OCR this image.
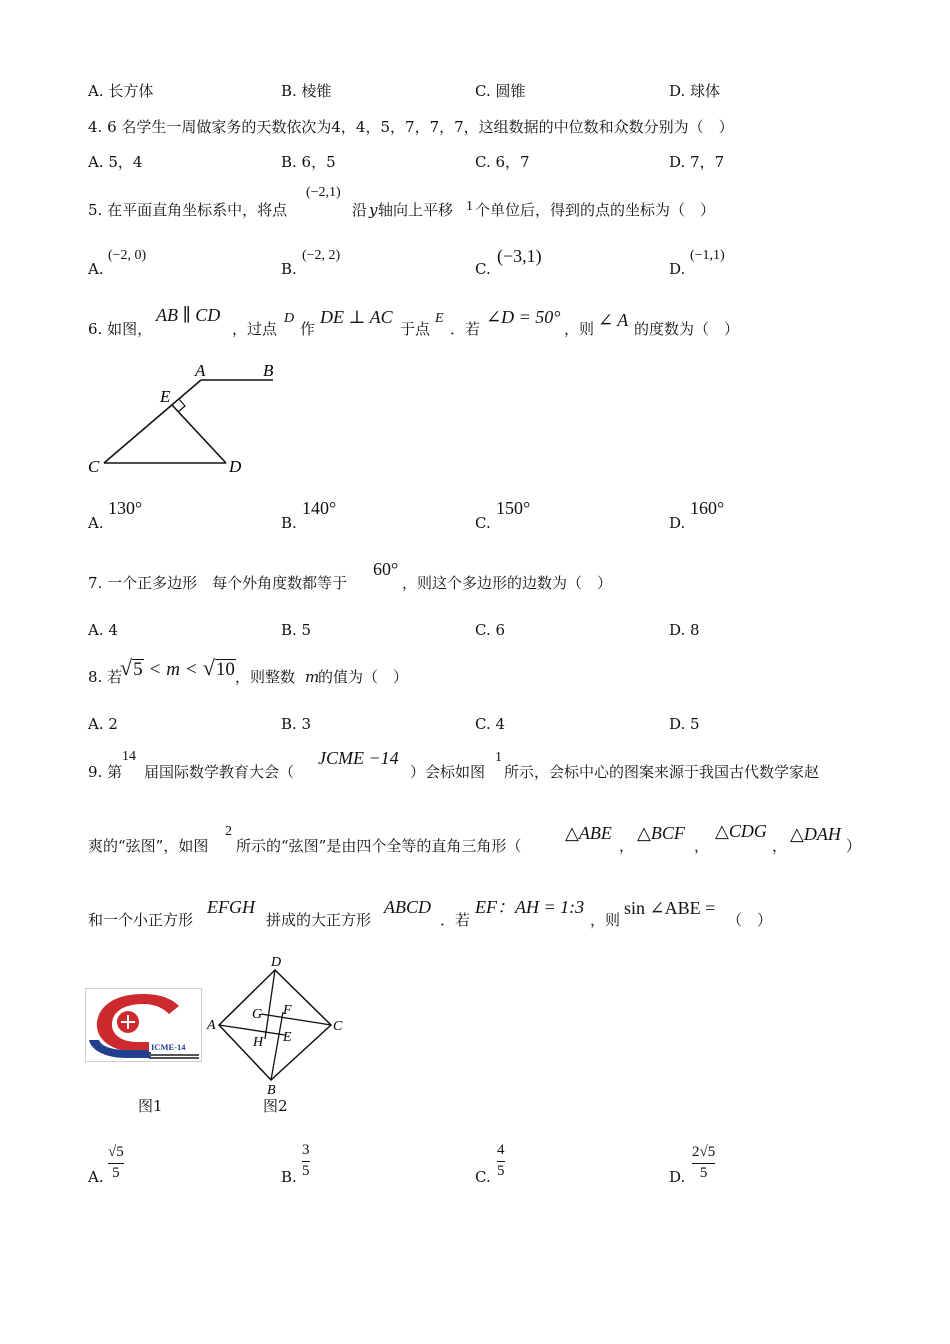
A. 长方体	B. 棱锥	C. 圆锥	D. 球体
4. 6 名学生一周做家务的天数依次为4，4，5，7，7，7，这组数据的中位数和众数分别为（　）
A. 5，4	B. 6，5	C. 6，7	D. 7，7
5. 在平面直角坐标系中，将点
(−2,1)
沿 y 轴向上平移 1 个单位后，得到的点的坐标为（　）
A.
(−2, 0)
B.
(−2, 2)
C.
(−3,1)
D.
(−1,1)
6. 如图，
AB ∥ CD
，过点
D
作
DE ⊥ AC
于点
E
．若
∠D = 50°
，则 ∠ A 的度数为（　）
A	B
C	D
E
A.
130°
B.
140°
C.
150°
D.
160°
7. 一个正多边形　每个外角度数都等于
60°
，则这个多边形的边数为（　）
A. 4	B. 5	C. 6	D. 8
8. 若
√ 5 < m < √ 10 ，则整数 m
的值为（　）
A. 2	B. 3	C. 4	D. 5
9. 第
14
届国际数学教育大会（
JCME −14
）会标如图
1
所示，会标中心的图案来源于我国古代数学家赵
爽的“弦图”，如图
2
所示的“弦图”是由四个全等的直角三角形（
△ABE
，
△BCF
，
△CDG
，
△DAH
）
和一个小正方形
EFGH
拼成的大正方形
ABCD
．若
EF：AH = 1:3
，则
sin ∠ABE =
（　）
ICME-14
图1
D
C
B
A
G F
E
H
图2
A.
√5
5	B.
3
5	C.
4
5	D.
2√5
5
